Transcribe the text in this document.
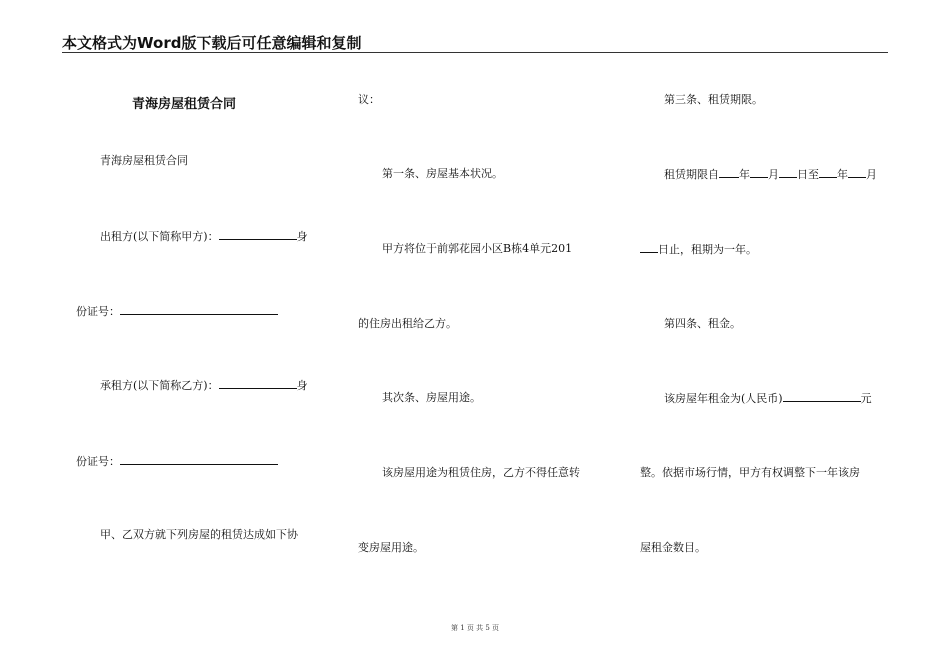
本文格式为Word版下载后可任意编辑和复制
青海房屋租赁合同
青海房屋租赁合同
出租方(以下简称甲方)：	身
份证号：
承租方(以下简称乙方)：	身
份证号：
甲、乙双方就下列房屋的租赁达成如下协
议：
第一条、房屋基本状况。
甲方将位于前郭花园小区B栋4单元201
的住房出租给乙方。
其次条、房屋用途。
该房屋用途为租赁住房，乙方不得任意转
变房屋用途。
第三条、租赁期限。
租赁期限自 年 月 日至 年 月
日止，租期为一年。
第四条、租金。
该房屋年租金为(人民币)	元
整。依据市场行情，甲方有权调整下一年该房
屋租金数目。
第 1 页 共 5 页
